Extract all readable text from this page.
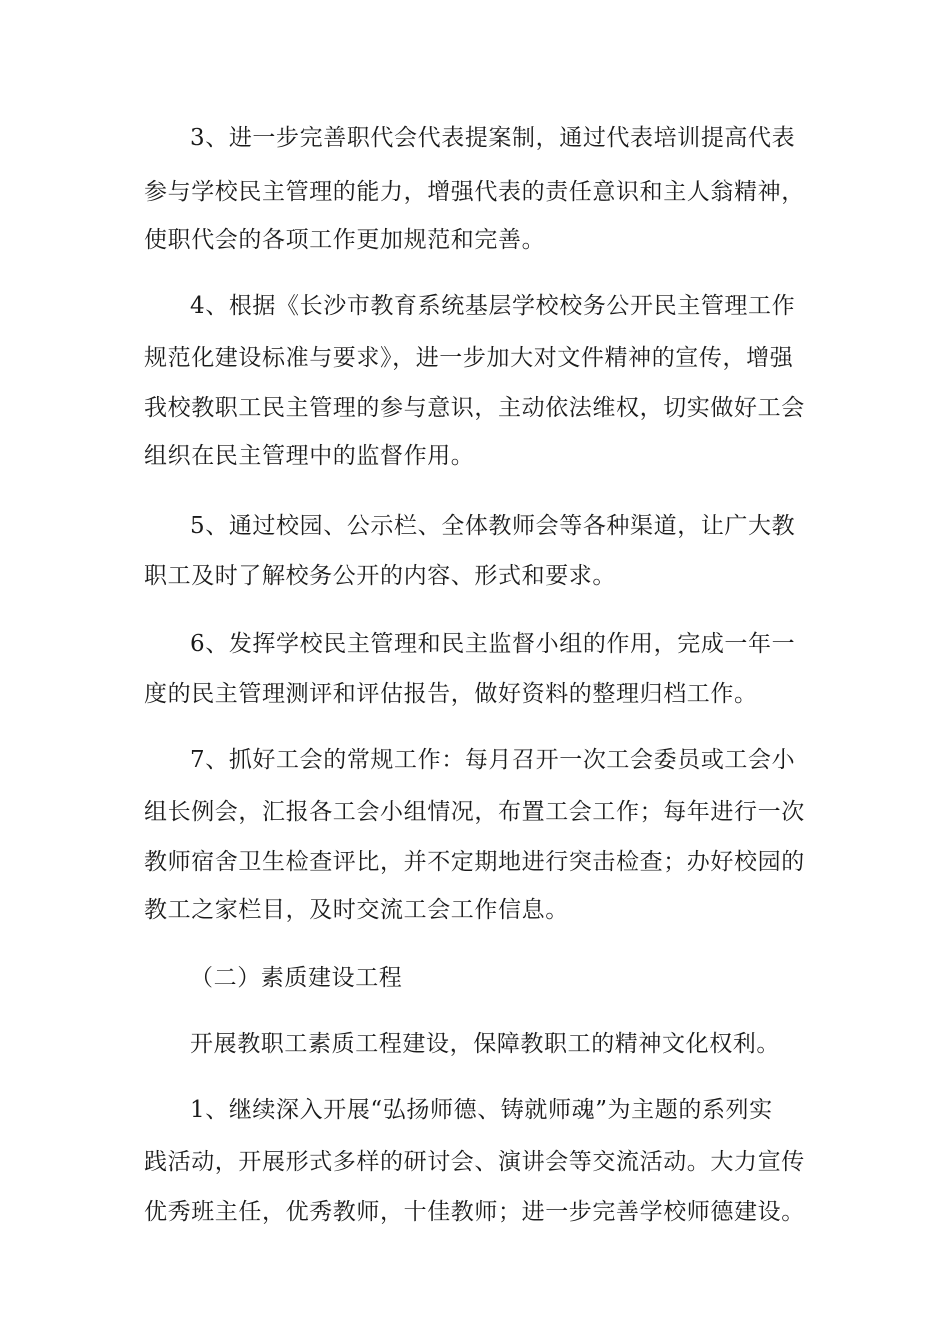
3、进一步完善职代会代表提案制，通过代表培训提高代表
参与学校民主管理的能力，增强代表的责任意识和主人翁精神，
使职代会的各项工作更加规范和完善。
4、根据《长沙市教育系统基层学校校务公开民主管理工作
规范化建设标准与要求》，进一步加大对文件精神的宣传，增强
我校教职工民主管理的参与意识，主动依法维权，切实做好工会
组织在民主管理中的监督作用。
5、通过校园、公示栏、全体教师会等各种渠道，让广大教
职工及时了解校务公开的内容、形式和要求。
6、发挥学校民主管理和民主监督小组的作用，完成一年一
度的民主管理测评和评估报告，做好资料的整理归档工作。
7、抓好工会的常规工作：每月召开一次工会委员或工会小
组长例会，汇报各工会小组情况，布置工会工作；每年进行一次
教师宿舍卫生检查评比，并不定期地进行突击检查；办好校园的
教工之家栏目，及时交流工会工作信息。
（二）素质建设工程
开展教职工素质工程建设，保障教职工的精神文化权利。
1、继续深入开展“弘扬师德、铸就师魂”为主题的系列实
践活动，开展形式多样的研讨会、演讲会等交流活动。大力宣传
优秀班主任，优秀教师，十佳教师；进一步完善学校师德建设。
